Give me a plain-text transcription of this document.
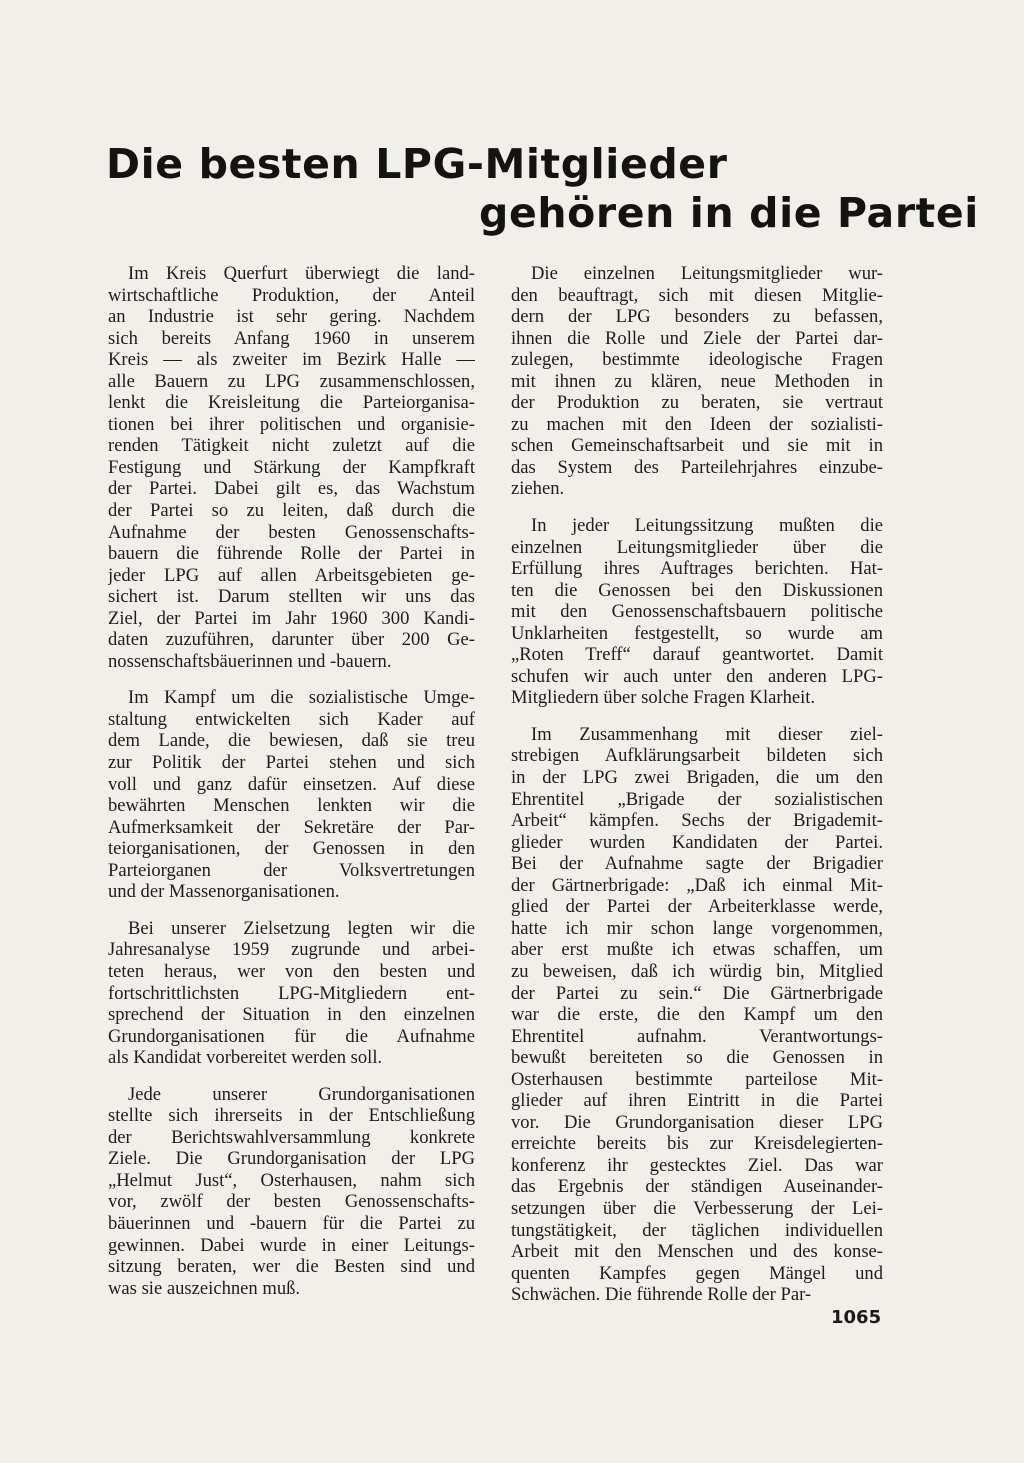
Die besten LPG-Mitglieder
gehören in die Partei
Im Kreis Querfurt überwiegt die land-
wirtschaftliche Produktion, der Anteil
an Industrie ist sehr gering. Nachdem
sich bereits Anfang 1960 in unserem
Kreis — als zweiter im Bezirk Halle —
alle Bauern zu LPG zusammenschlossen,
lenkt die Kreisleitung die Parteiorganisa-
tionen bei ihrer politischen und organisie-
renden Tätigkeit nicht zuletzt auf die
Festigung und Stärkung der Kampfkraft
der Partei. Dabei gilt es, das Wachstum
der Partei so zu leiten, daß durch die
Aufnahme der besten Genossenschafts-
bauern die führende Rolle der Partei in
jeder LPG auf allen Arbeitsgebieten ge-
sichert ist. Darum stellten wir uns das
Ziel, der Partei im Jahr 1960 300 Kandi-
daten zuzuführen, darunter über 200 Ge-
nossenschaftsbäuerinnen und -bauern.
Im Kampf um die sozialistische Umge-
staltung entwickelten sich Kader auf
dem Lande, die bewiesen, daß sie treu
zur Politik der Partei stehen und sich
voll und ganz dafür einsetzen. Auf diese
bewährten Menschen lenkten wir die
Aufmerksamkeit der Sekretäre der Par-
teiorganisationen, der Genossen in den
Parteiorganen der Volksvertretungen
und der Massenorganisationen.
Bei unserer Zielsetzung legten wir die
Jahresanalyse 1959 zugrunde und arbei-
teten heraus, wer von den besten und
fortschrittlichsten LPG-Mitgliedern ent-
sprechend der Situation in den einzelnen
Grundorganisationen für die Aufnahme
als Kandidat vorbereitet werden soll.
Jede unserer Grundorganisationen
stellte sich ihrerseits in der Entschließung
der Berichtswahlversammlung konkrete
Ziele. Die Grundorganisation der LPG
„Helmut Just“, Osterhausen, nahm sich
vor, zwölf der besten Genossenschafts-
bäuerinnen und -bauern für die Partei zu
gewinnen. Dabei wurde in einer Leitungs-
sitzung beraten, wer die Besten sind und
was sie auszeichnen muß.
Die einzelnen Leitungsmitglieder wur-
den beauftragt, sich mit diesen Mitglie-
dern der LPG besonders zu befassen,
ihnen die Rolle und Ziele der Partei dar-
zulegen, bestimmte ideologische Fragen
mit ihnen zu klären, neue Methoden in
der Produktion zu beraten, sie vertraut
zu machen mit den Ideen der sozialisti-
schen Gemeinschaftsarbeit und sie mit in
das System des Parteilehrjahres einzube-
ziehen.
In jeder Leitungssitzung mußten die
einzelnen Leitungsmitglieder über die
Erfüllung ihres Auftrages berichten. Hat-
ten die Genossen bei den Diskussionen
mit den Genossenschaftsbauern politische
Unklarheiten festgestellt, so wurde am
„Roten Treff“ darauf geantwortet. Damit
schufen wir auch unter den anderen LPG-
Mitgliedern über solche Fragen Klarheit.
Im Zusammenhang mit dieser ziel-
strebigen Aufklärungsarbeit bildeten sich
in der LPG zwei Brigaden, die um den
Ehrentitel „Brigade der sozialistischen
Arbeit“ kämpfen. Sechs der Brigademit-
glieder wurden Kandidaten der Partei.
Bei der Aufnahme sagte der Brigadier
der Gärtnerbrigade: „Daß ich einmal Mit-
glied der Partei der Arbeiterklasse werde,
hatte ich mir schon lange vorgenommen,
aber erst mußte ich etwas schaffen, um
zu beweisen, daß ich würdig bin, Mitglied
der Partei zu sein.“ Die Gärtnerbrigade
war die erste, die den Kampf um den
Ehrentitel aufnahm. Verantwortungs-
bewußt bereiteten so die Genossen in
Osterhausen bestimmte parteilose Mit-
glieder auf ihren Eintritt in die Partei
vor. Die Grundorganisation dieser LPG
erreichte bereits bis zur Kreisdelegierten-
konferenz ihr gestecktes Ziel. Das war
das Ergebnis der ständigen Auseinander-
setzungen über die Verbesserung der Lei-
tungstätigkeit, der täglichen individuellen
Arbeit mit den Menschen und des konse-
quenten Kampfes gegen Mängel und
Schwächen. Die führende Rolle der Par-
1065
